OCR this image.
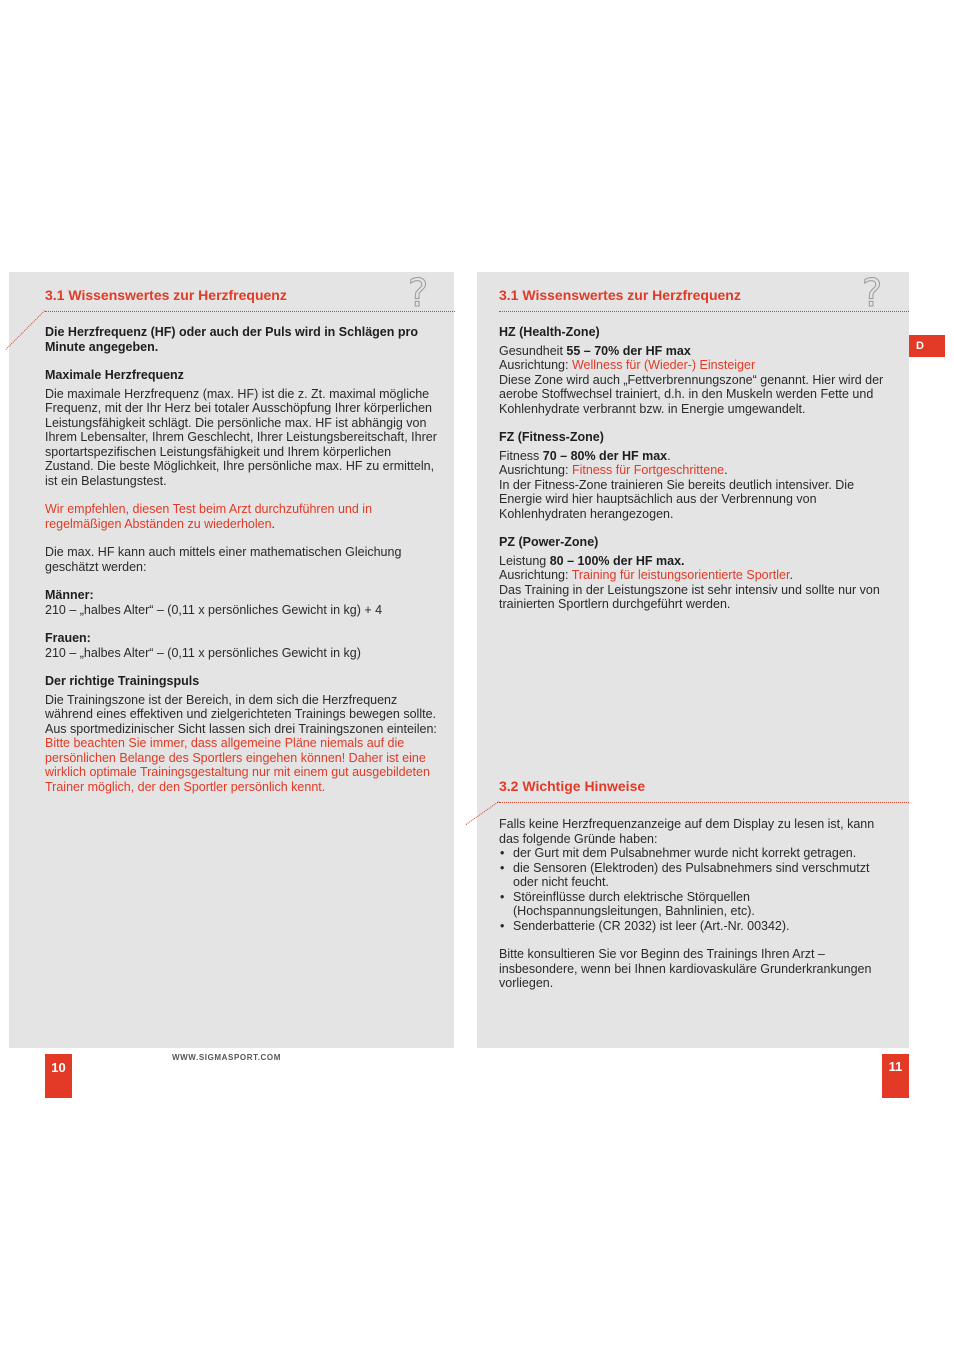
3.1 Wissenswertes zur Herzfrequenz	?

Die Herzfrequenz (HF) oder auch der Puls wird in Schlägen pro Minute angegeben.

Maximale Herzfrequenz

Die maximale Herzfrequenz (max. HF) ist die z. Zt. maximal mögliche Frequenz, mit der Ihr Herz bei totaler Ausschöpfung Ihrer körperlichen Leistungsfähigkeit schlägt. Die persönliche max. HF ist abhängig von Ihrem Lebensalter, Ihrem Geschlecht, Ihrer Leistungsbereitschaft, Ihrer sportartspezifischen Leistungsfähigkeit und Ihrem körperlichen Zustand. Die beste Möglichkeit, Ihre persönliche max. HF zu ermitteln, ist ein Belastungstest.

Wir empfehlen, diesen Test beim Arzt durchzuführen und in regelmäßigen Abständen zu wiederholen.

Die max. HF kann auch mittels einer mathematischen Gleichung geschätzt werden:

Männer:

210 – „halbes Alter“ – (0,11 x persönliches Gewicht in kg) + 4

Frauen:

210 – „halbes Alter“ – (0,11 x persönliches Gewicht in kg)

Der richtige Trainingspuls

Die Trainingszone ist der Bereich, in dem sich die Herzfrequenz während eines effektiven und zielgerichteten Trainings bewegen sollte. Aus sportmedizinischer Sicht lassen sich drei Trainingszonen einteilen:

Bitte beachten Sie immer, dass allgemeine Pläne niemals auf die persönlichen Belange des Sportlers eingehen können! Daher ist eine wirklich optimale Trainingsgestaltung nur mit einem gut ausgebildeten Trainer möglich, der den Sportler persönlich kennt.

10
WWW.SIGMASPORT.COM
D
3.1 Wissenswertes zur Herzfrequenz	?

HZ (Health-Zone)

Gesundheit 55 – 70% der HF max

Ausrichtung: Wellness für (Wieder-) Einsteiger

Diese Zone wird auch „Fettverbrennungszone“ genannt. Hier wird der aerobe Stoffwechsel trainiert, d.h. in den Muskeln werden Fette und Kohlenhydrate verbrannt bzw. in Energie umgewandelt.

FZ (Fitness-Zone)

Fitness 70 – 80% der HF max.

Ausrichtung: Fitness für Fortgeschrittene.

In der Fitness-Zone trainieren Sie bereits deutlich intensiver. Die Energie wird hier hauptsächlich aus der Verbrennung von Kohlenhydraten herangezogen.

PZ (Power-Zone)

Leistung 80 – 100% der HF max.

Ausrichtung: Training für leistungsorientierte Sportler.

Das Training in der Leistungszone ist sehr intensiv und sollte nur von trainierten Sportlern durchgeführt werden.

3.2 Wichtige Hinweise

Falls keine Herzfrequenzanzeige auf dem Display zu lesen ist, kann das folgende Gründe haben:

• der Gurt mit dem Pulsabnehmer wurde nicht korrekt getragen.
• die Sensoren (Elektroden) des Pulsabnehmers sind verschmutzt oder nicht feucht.
• Störeinflüsse durch elektrische Störquellen (Hochspannungsleitungen, Bahnlinien, etc).
• Senderbatterie (CR 2032) ist leer (Art.-Nr. 00342).

Bitte konsultieren Sie vor Beginn des Trainings Ihren Arzt – insbesondere, wenn bei Ihnen kardiovaskuläre Grunderkrankungen vorliegen.

11
